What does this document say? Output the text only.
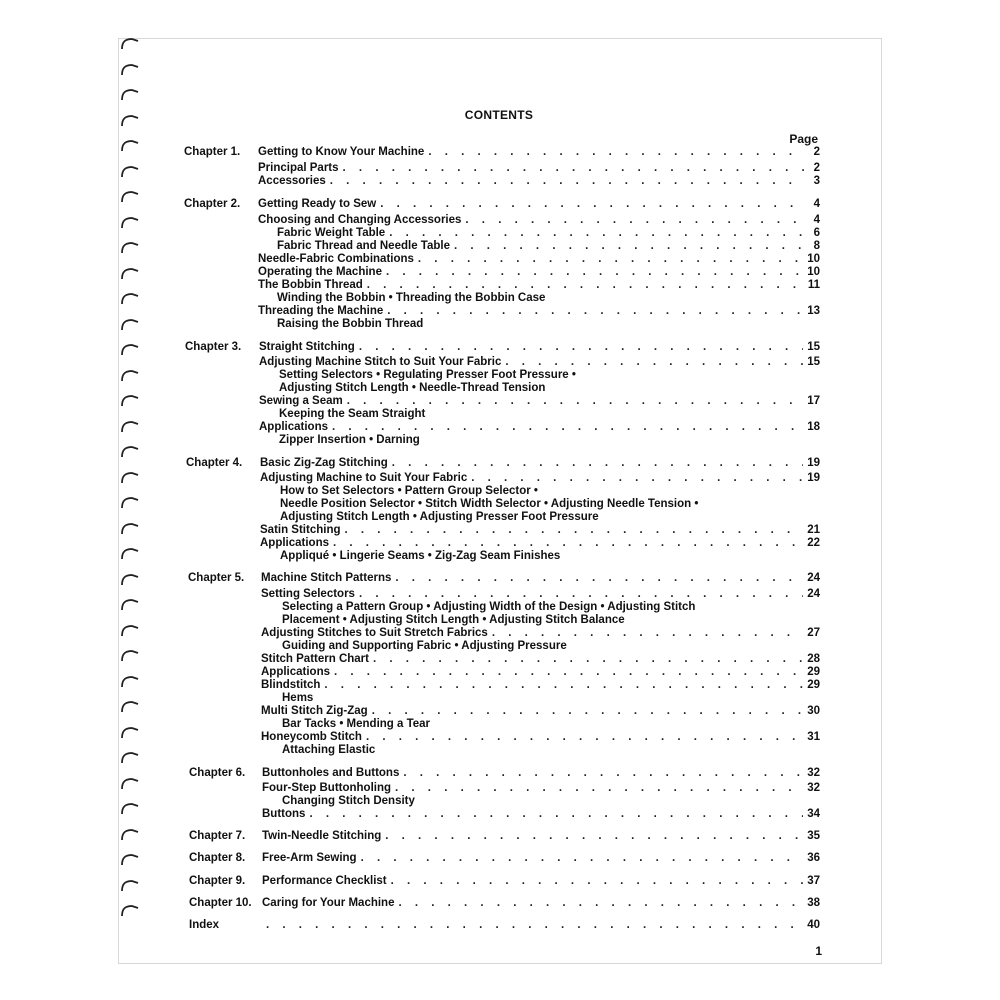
CONTENTS
Page
Chapter 1.	Getting to Know Your Machine . . .	2
Principal Parts . . .	2
Accessories . . .	3
Chapter 2.	Getting Ready to Sew . . .	4
Choosing and Changing Accessories . . .	4
Fabric Weight Table . . .	6
Fabric Thread and Needle Table . . .	8
Needle-Fabric Combinations . . .	10
Operating the Machine . . .	10
The Bobbin Thread . . .	11
Winding the Bobbin • Threading the Bobbin Case
Threading the Machine . . .	13
Raising the Bobbin Thread
Chapter 3.	Straight Stitching . . .	15
Adjusting Machine Stitch to Suit Your Fabric . . .	15
Setting Selectors • Regulating Presser Foot Pressure •
Adjusting Stitch Length • Needle-Thread Tension
Sewing a Seam . . .	17
Keeping the Seam Straight
Applications . . .	18
Zipper Insertion • Darning
Chapter 4.	Basic Zig-Zag Stitching . . .	19
Adjusting Machine to Suit Your Fabric . . .	19
How to Set Selectors • Pattern Group Selector •
Needle Position Selector • Stitch Width Selector • Adjusting Needle Tension •
Adjusting Stitch Length • Adjusting Presser Foot Pressure
Satin Stitching . . .	21
Applications . . .	22
Appliqué • Lingerie Seams • Zig-Zag Seam Finishes
Chapter 5.	Machine Stitch Patterns . . .	24
Setting Selectors . . .	24
Selecting a Pattern Group • Adjusting Width of the Design • Adjusting Stitch
Placement • Adjusting Stitch Length • Adjusting Stitch Balance
Adjusting Stitches to Suit Stretch Fabrics . . .	27
Guiding and Supporting Fabric • Adjusting Pressure
Stitch Pattern Chart . . .	28
Applications . . .	29
Blindstitch . . .	29
Hems
Multi Stitch Zig-Zag . . .	30
Bar Tacks • Mending a Tear
Honeycomb Stitch . . .	31
Attaching Elastic
Chapter 6.	Buttonholes and Buttons . . .	32
Four-Step Buttonholing . . .	32
Changing Stitch Density
Buttons . . .	34
Chapter 7.	Twin-Needle Stitching . . .	35
Chapter 8.	Free-Arm Sewing . . .	36
Chapter 9.	Performance Checklist . . .	37
Chapter 10. Caring for Your Machine . . .	38
Index . . .	40
1
